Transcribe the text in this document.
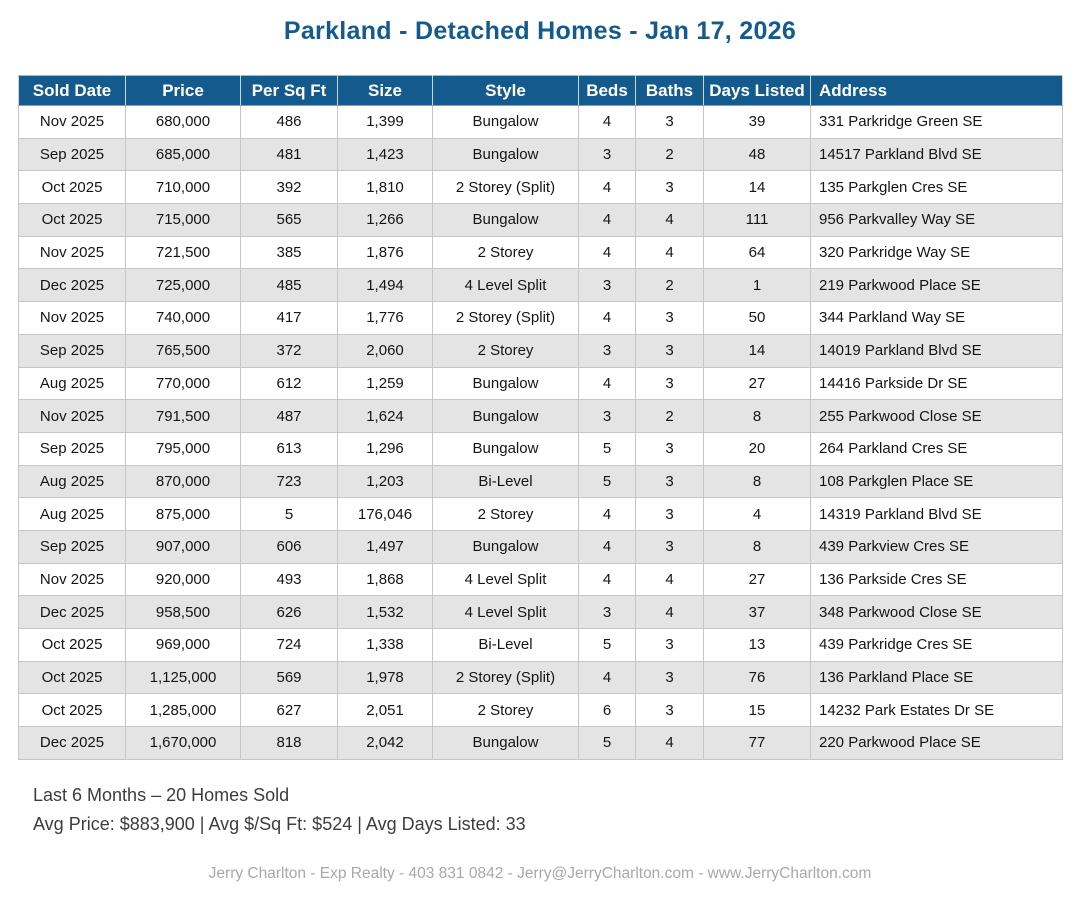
Parkland - Detached Homes - Jan 17, 2026
Sold Date	Price	Per Sq Ft	Size	Style	Beds	Baths	Days Listed	Address
Nov 2025	680,000	486	1,399	Bungalow	4	3	39	331 Parkridge Green SE
Sep 2025	685,000	481	1,423	Bungalow	3	2	48	14517 Parkland Blvd SE
Oct 2025	710,000	392	1,810	2 Storey (Split)	4	3	14	135 Parkglen Cres SE
Oct 2025	715,000	565	1,266	Bungalow	4	4	111	956 Parkvalley Way SE
Nov 2025	721,500	385	1,876	2 Storey	4	4	64	320 Parkridge Way SE
Dec 2025	725,000	485	1,494	4 Level Split	3	2	1	219 Parkwood Place SE
Nov 2025	740,000	417	1,776	2 Storey (Split)	4	3	50	344 Parkland Way SE
Sep 2025	765,500	372	2,060	2 Storey	3	3	14	14019 Parkland Blvd SE
Aug 2025	770,000	612	1,259	Bungalow	4	3	27	14416 Parkside Dr SE
Nov 2025	791,500	487	1,624	Bungalow	3	2	8	255 Parkwood Close SE
Sep 2025	795,000	613	1,296	Bungalow	5	3	20	264 Parkland Cres SE
Aug 2025	870,000	723	1,203	Bi-Level	5	3	8	108 Parkglen Place SE
Aug 2025	875,000	5	176,046	2 Storey	4	3	4	14319 Parkland Blvd SE
Sep 2025	907,000	606	1,497	Bungalow	4	3	8	439 Parkview Cres SE
Nov 2025	920,000	493	1,868	4 Level Split	4	4	27	136 Parkside Cres SE
Dec 2025	958,500	626	1,532	4 Level Split	3	4	37	348 Parkwood Close SE
Oct 2025	969,000	724	1,338	Bi-Level	5	3	13	439 Parkridge Cres SE
Oct 2025	1,125,000	569	1,978	2 Storey (Split)	4	3	76	136 Parkland Place SE
Oct 2025	1,285,000	627	2,051	2 Storey	6	3	15	14232 Park Estates Dr SE
Dec 2025	1,670,000	818	2,042	Bungalow	5	4	77	220 Parkwood Place SE
Last 6 Months – 20 Homes Sold
Avg Price: $883,900 | Avg $/Sq Ft: $524 | Avg Days Listed: 33
Jerry Charlton - Exp Realty - 403 831 0842 - Jerry@JerryCharlton.com - www.JerryCharlton.com
